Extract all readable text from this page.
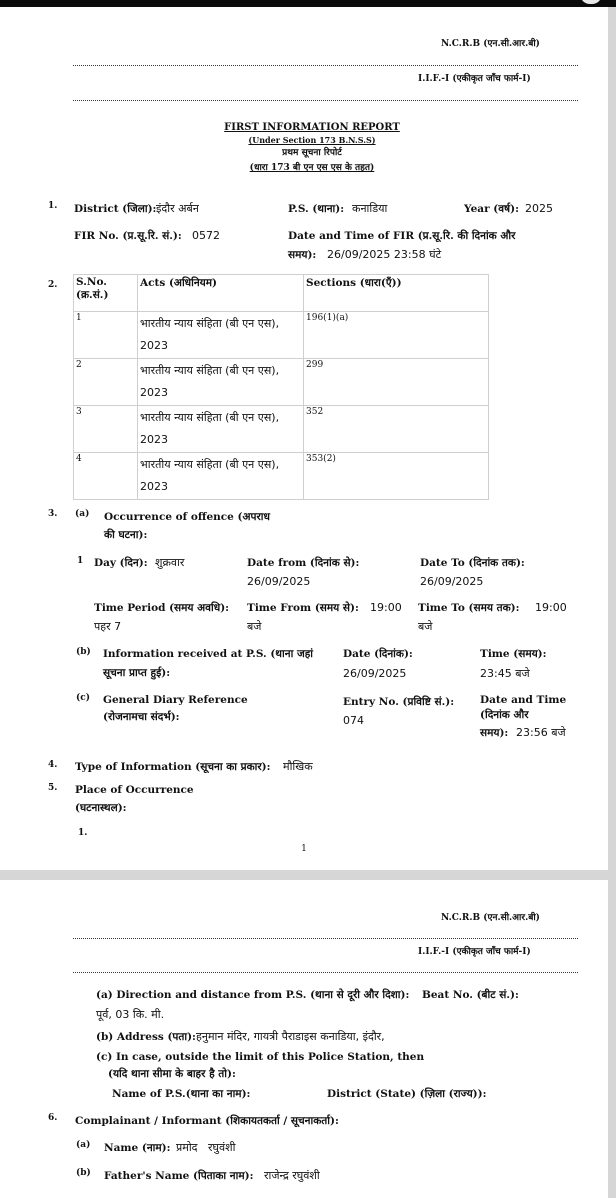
N.C.R.B (एन.सी.आर.बी)
I.I.F.-I (एकीकृत जाँच फार्म-I)
FIRST INFORMATION REPORT
(Under Section 173 B.N.S.S)
प्रथम सूचना रिपोर्ट
(धारा 173 बी एन एस एस के तहत)
1. District (जिला): इंदौर अर्बन	P.S. (थाना): कनाडिया	Year (वर्ष): 2025
FIR No. (प्र.सू.रि. सं.): 0572	Date and Time of FIR (प्र.सू.रि. की दिनांक और
समय): 26/09/2025 23:58 घंटे
2. S.No.
(क्र.सं.)	Acts (अधिनियम)	Sections (धारा(एँ))
1	भारतीय न्याय संहिता (बी एन एस), 2023	196(1)(a)
2	भारतीय न्याय संहिता (बी एन एस), 2023	299
3	भारतीय न्याय संहिता (बी एन एस), 2023	352
4	भारतीय न्याय संहिता (बी एन एस), 2023	353(2)
3. (a) Occurrence of offence (अपराध
की घटना):
1 Day (दिन): शुक्रवार	Date from (दिनांक से):
26/09/2025
Date To (दिनांक तक):
26/09/2025
Time Period (समय अवधि):
पहर 7
Time From (समय से): 19:00
बजे
Time To (समय तक): 19:00
बजे
(b) Information received at P.S. (थाना जहां
सूचना प्राप्त हुई):
Date (दिनांक):
26/09/2025
Time (समय):
23:45 बजे
(c) General Diary Reference
(रोजनामचा संदर्भ):
Entry No. (प्रविष्टि सं.):
074
Date and Time
(दिनांक और
समय): 23:56 बजे
4. Type of Information (सूचना का प्रकार): मौखिक
5. Place of Occurrence
(घटनास्थल):
1.
1
N.C.R.B (एन.सी.आर.बी)
I.I.F.-I (एकीकृत जाँच फार्म-I)
(a) Direction and distance from P.S. (थाना से दूरी और दिशा): Beat No. (बीट सं.):
पूर्व, 03 कि. मी.
(b) Address (पता): हनुमान मंदिर, गायत्री पैराडाइस कनाडिया, इंदौर,
(c) In case, outside the limit of this Police Station, then
(यदि थाना सीमा के बाहर है तो):
Name of P.S.(थाना का नाम):	District (State) (ज़िला (राज्य)):
6. Complainant / Informant (शिकायतकर्ता / सूचनाकर्ता):
(a) Name (नाम): प्रमोद   रघुवंशी
(b) Father's Name (पिताका नाम): राजेन्द्र रघुवंशी
